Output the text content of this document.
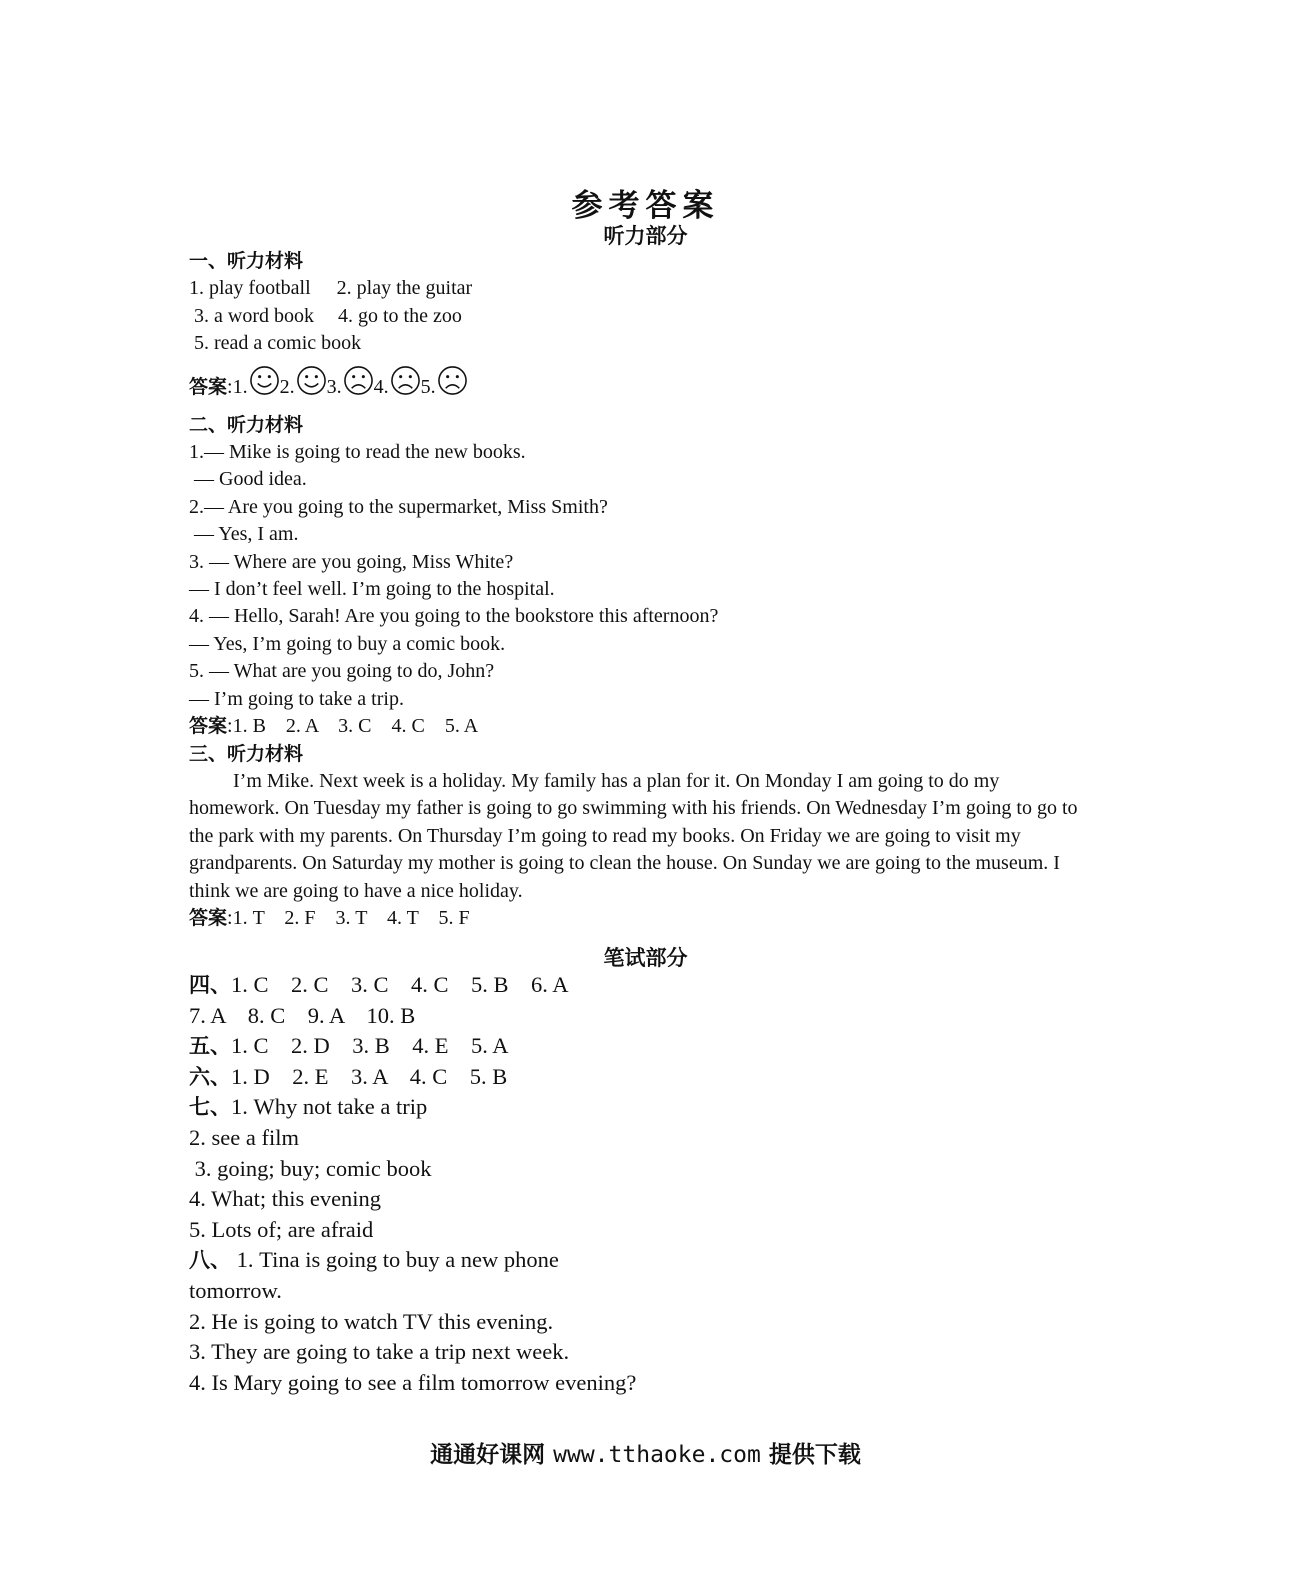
参考答案
听力部分
一、听力材料
1. play football 2. play the guitar
3. a word book 4. go to the zoo
5. read a comic book
答案 :1. 2. 3. 4. 5.
二、听力材料
1.— Mike is going to read the new books.
— Good idea.
2.— Are you going to the supermarket, Miss Smith?
— Yes, I am.
3. — Where are you going, Miss White?
— I don’t feel well. I’m going to the hospital.
4. — Hello, Sarah! Are you going to the bookstore this afternoon?
— Yes, I’m going to buy a comic book.
5. — What are you going to do, John?
— I’m going to take a trip.
答案:1. B    2. A    3. C    4. C    5. A
三、听力材料
I’m Mike. Next week is a holiday. My family has a plan for it. On Monday I am going to do my homework. On Tuesday my father is going to go swimming with his friends. On Wednesday I’m going to go to the park with my parents. On Thursday I’m going to read my books. On Friday we are going to visit my grandparents. On Saturday my mother is going to clean the house. On Sunday we are going to the museum. I think we are going to have a nice holiday.
答案:1. T    2. F    3. T    4. T    5. F
笔试部分
四、1. C    2. C    3. C    4. C    5. B    6. A
7. A    8. C    9. A    10. B
五、1. C    2. D    3. B    4. E    5. A
六、1. D    2. E    3. A    4. C    5. B
七、1. Why not take a trip
2. see a film
3. going; buy; comic book
4. What; this evening
5. Lots of; are afraid
八、 1. Tina is going to buy a new phone
tomorrow.
2. He is going to watch TV this evening.
3. They are going to take a trip next week.
4. Is Mary going to see a film tomorrow evening?
通通好课网 www.tthaoke.com 提供下载
